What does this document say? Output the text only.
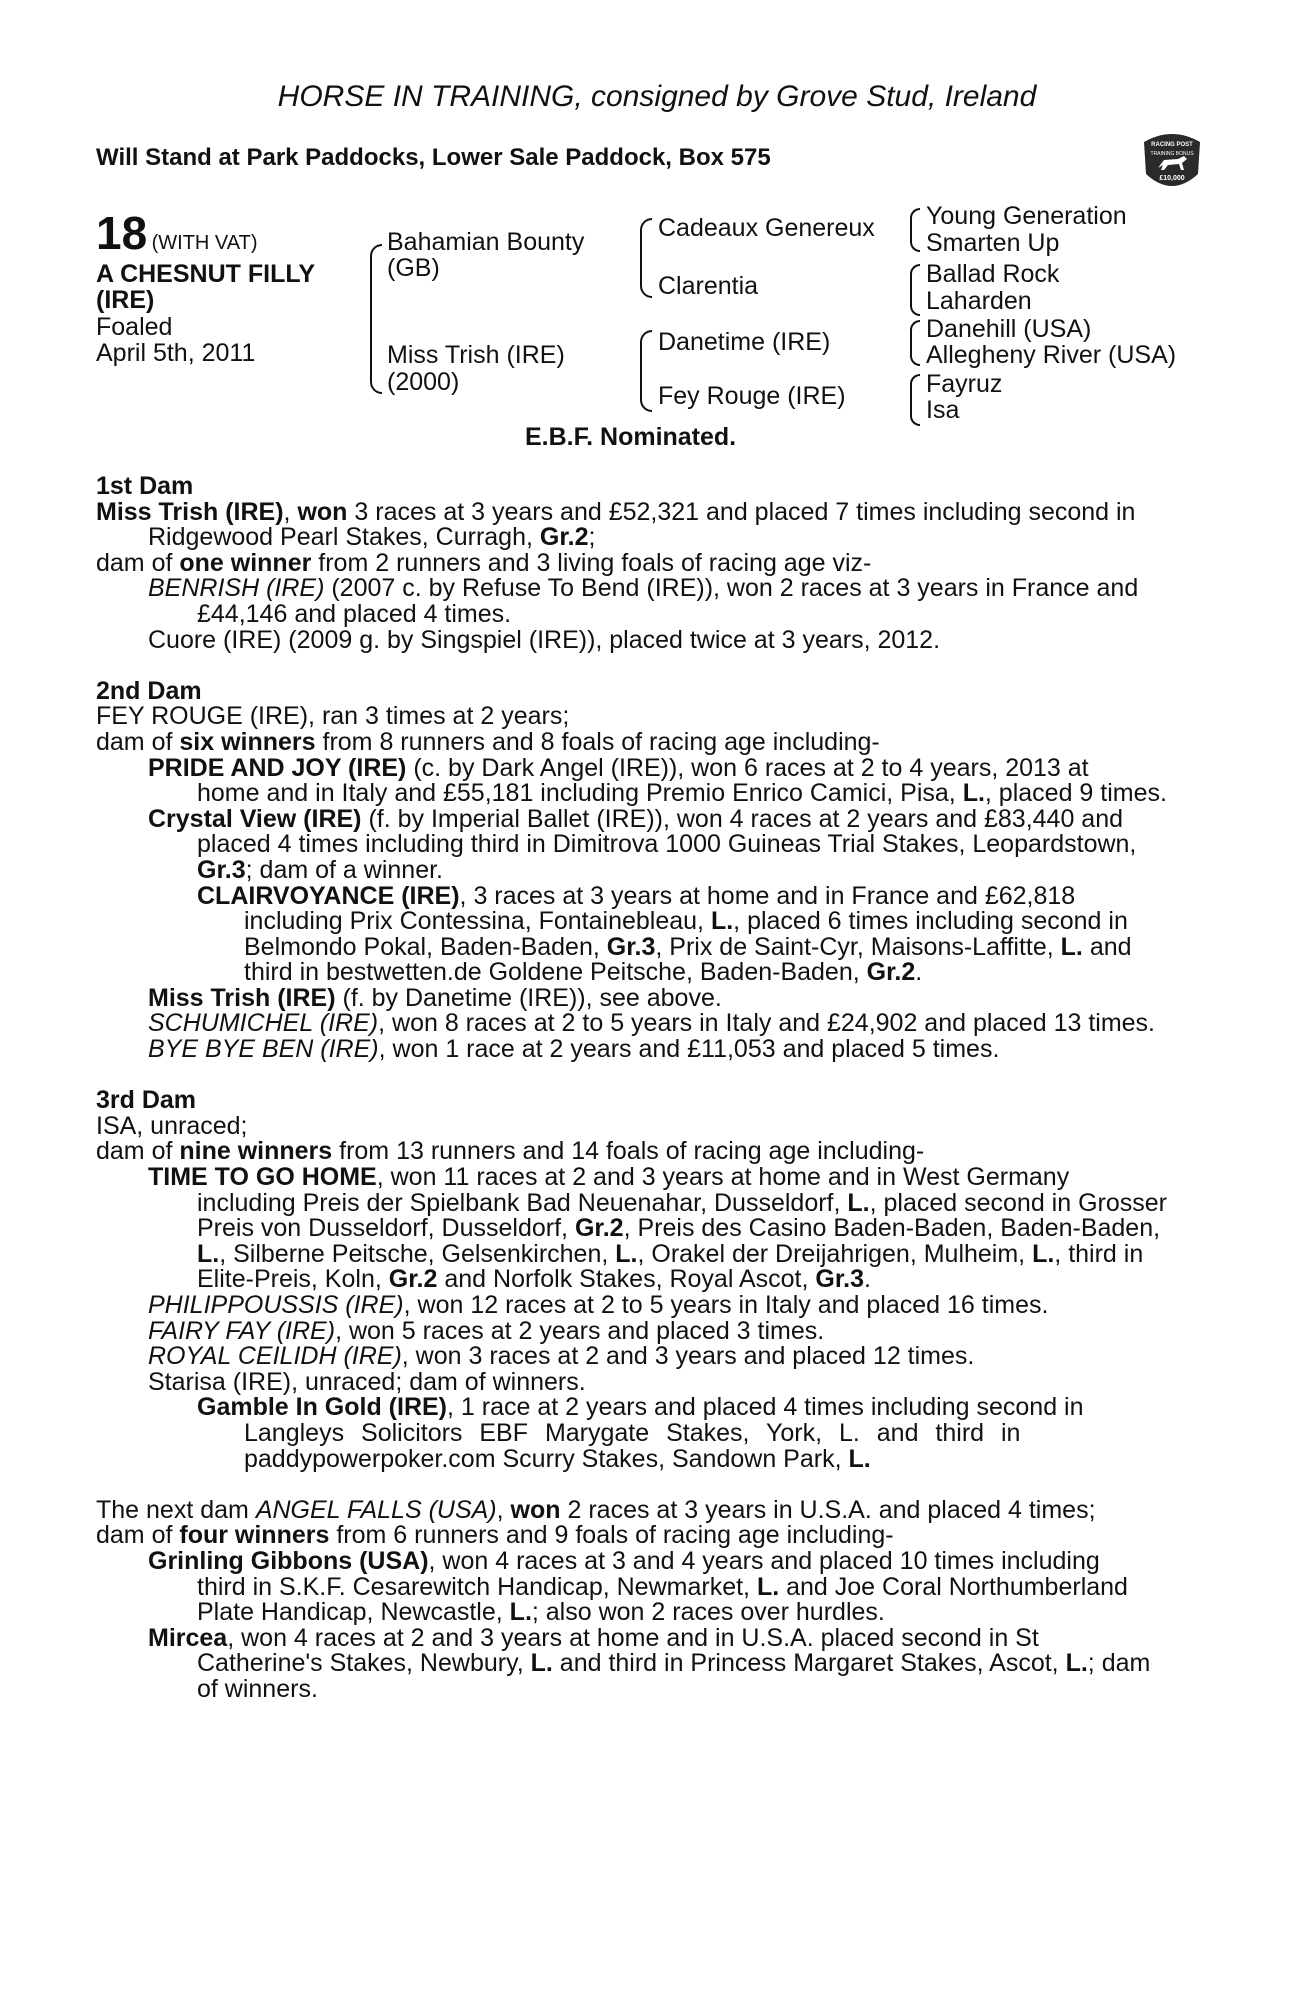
HORSE IN TRAINING, consigned by Grove Stud, Ireland
Will Stand at Park Paddocks, Lower Sale Paddock, Box 575	RACING POST
TRAINING BONUS
£10,000
18 (WITH VAT)
A CHESNUT FILLY
(IRE)
Foaled
April 5th, 2011
Bahamian Bounty
(GB)
Miss Trish (IRE)
(2000)
Cadeaux Genereux
Clarentia
Danetime (IRE)
Fey Rouge (IRE)
Young Generation
Smarten Up
Ballad Rock
Laharden
Danehill (USA)
Allegheny River (USA)
Fayruz
Isa
E.B.F. Nominated.
1st Dam
Miss Trish (IRE), won 3 races at 3 years and £52,321 and placed 7 times including second in
Ridgewood Pearl Stakes, Curragh, Gr.2;
dam of one winner from 2 runners and 3 living foals of racing age viz-
BENRISH (IRE) (2007 c. by Refuse To Bend (IRE)), won 2 races at 3 years in France and
£44,146 and placed 4 times.
Cuore (IRE) (2009 g. by Singspiel (IRE)), placed twice at 3 years, 2012.
2nd Dam
FEY ROUGE (IRE), ran 3 times at 2 years;
dam of six winners from 8 runners and 8 foals of racing age including-
PRIDE AND JOY (IRE) (c. by Dark Angel (IRE)), won 6 races at 2 to 4 years, 2013 at
home and in Italy and £55,181 including Premio Enrico Camici, Pisa, L., placed 9 times.
Crystal View (IRE) (f. by Imperial Ballet (IRE)), won 4 races at 2 years and £83,440 and
placed 4 times including third in Dimitrova 1000 Guineas Trial Stakes, Leopardstown,
Gr.3; dam of a winner.
CLAIRVOYANCE (IRE), 3 races at 3 years at home and in France and £62,818
including Prix Contessina, Fontainebleau, L., placed 6 times including second in
Belmondo Pokal, Baden-Baden, Gr.3, Prix de Saint-Cyr, Maisons-Laffitte, L. and
third in bestwetten.de Goldene Peitsche, Baden-Baden, Gr.2.
Miss Trish (IRE) (f. by Danetime (IRE)), see above.
SCHUMICHEL (IRE), won 8 races at 2 to 5 years in Italy and £24,902 and placed 13 times.
BYE BYE BEN (IRE), won 1 race at 2 years and £11,053 and placed 5 times.
3rd Dam
ISA, unraced;
dam of nine winners from 13 runners and 14 foals of racing age including-
TIME TO GO HOME, won 11 races at 2 and 3 years at home and in West Germany
including Preis der Spielbank Bad Neuenahar, Dusseldorf, L., placed second in Grosser
Preis von Dusseldorf, Dusseldorf, Gr.2, Preis des Casino Baden-Baden, Baden-Baden,
L., Silberne Peitsche, Gelsenkirchen, L., Orakel der Dreijahrigen, Mulheim, L., third in
Elite-Preis, Koln, Gr.2 and Norfolk Stakes, Royal Ascot, Gr.3.
PHILIPPOUSSIS (IRE), won 12 races at 2 to 5 years in Italy and placed 16 times.
FAIRY FAY (IRE), won 5 races at 2 years and placed 3 times.
ROYAL CEILIDH (IRE), won 3 races at 2 and 3 years and placed 12 times.
Starisa (IRE), unraced; dam of winners.
Gamble In Gold (IRE), 1 race at 2 years and placed 4 times including second in
Langleys Solicitors EBF Marygate Stakes, York, L. and third in
paddypowerpoker.com Scurry Stakes, Sandown Park, L.
The next dam ANGEL FALLS (USA), won 2 races at 3 years in U.S.A. and placed 4 times;
dam of four winners from 6 runners and 9 foals of racing age including-
Grinling Gibbons (USA), won 4 races at 3 and 4 years and placed 10 times including
third in S.K.F. Cesarewitch Handicap, Newmarket, L. and Joe Coral Northumberland
Plate Handicap, Newcastle, L.; also won 2 races over hurdles.
Mircea, won 4 races at 2 and 3 years at home and in U.S.A. placed second in St
Catherine's Stakes, Newbury, L. and third in Princess Margaret Stakes, Ascot, L.; dam
of winners.
